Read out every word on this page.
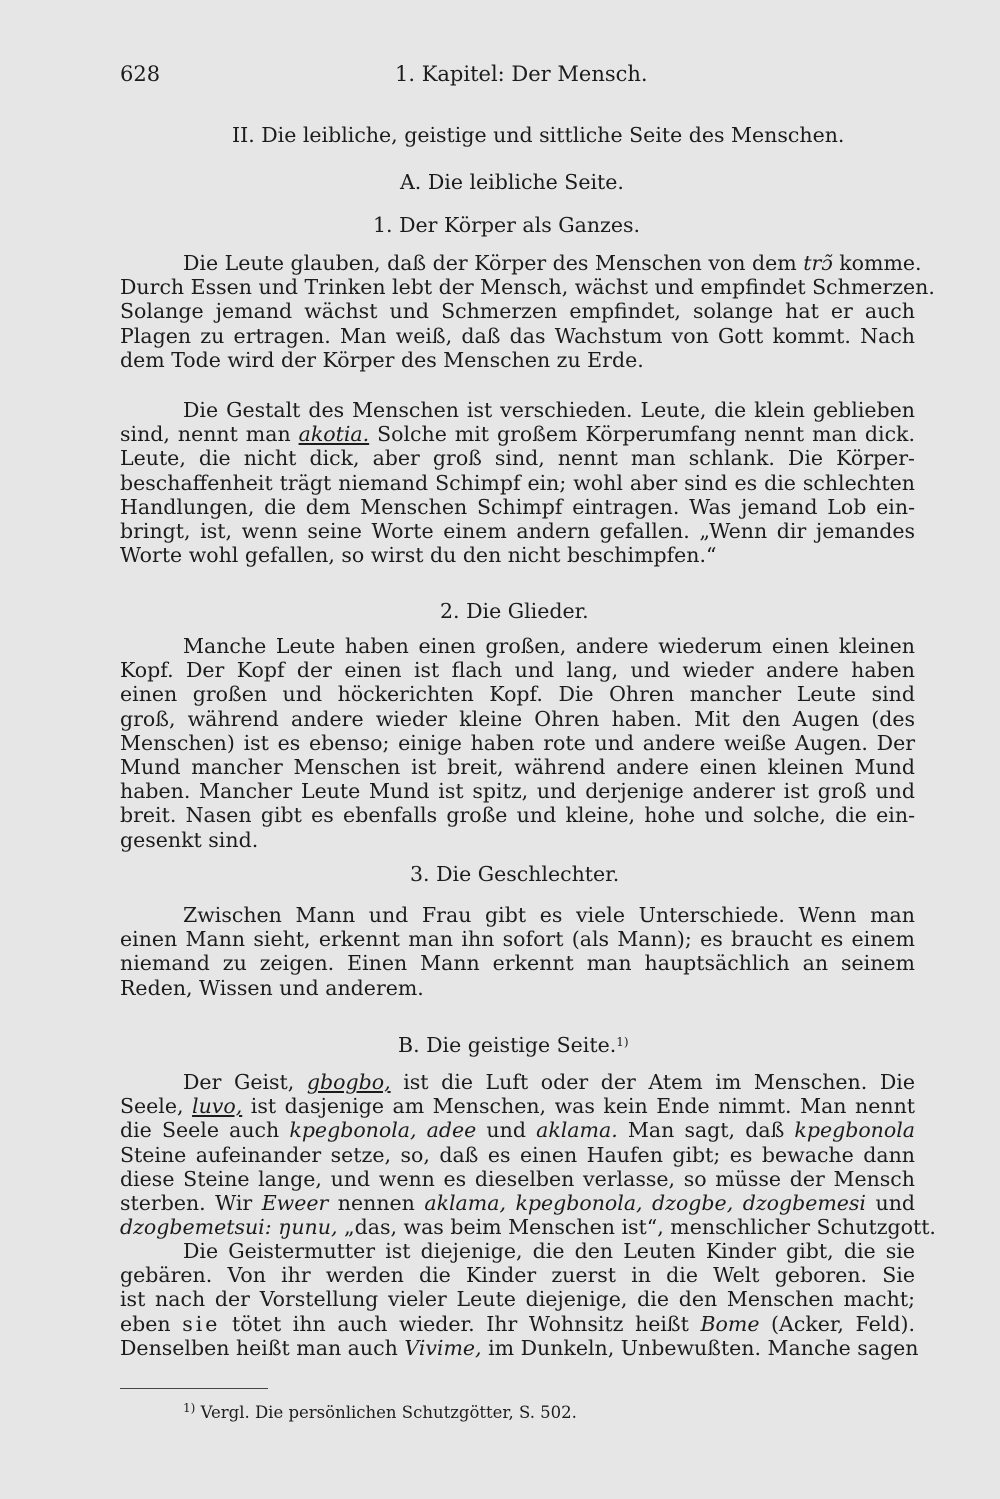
628	1. Kapitel: Der Mensch.
II. Die leibliche, geistige und sittliche Seite des Menschen.
A. Die leibliche Seite.
1. Der Körper als Ganzes.
Die Leute glauben, daß der Körper des Menschen von dem trɔ̃ komme.
Durch Essen und Trinken lebt der Mensch, wächst und empfindet Schmerzen.
Solange jemand wächst und Schmerzen empfindet, solange hat er auch
Plagen zu ertragen. Man weiß, daß das Wachstum von Gott kommt. Nach
dem Tode wird der Körper des Menschen zu Erde.
Die Gestalt des Menschen ist verschieden. Leute, die klein geblieben
sind, nennt man akotia. Solche mit großem Körperumfang nennt man dick.
Leute, die nicht dick, aber groß sind, nennt man schlank. Die Körper-
beschaffenheit trägt niemand Schimpf ein; wohl aber sind es die schlechten
Handlungen, die dem Menschen Schimpf eintragen. Was jemand Lob ein-
bringt, ist, wenn seine Worte einem andern gefallen. „Wenn dir jemandes
Worte wohl gefallen, so wirst du den nicht beschimpfen.“
2. Die Glieder.
Manche Leute haben einen großen, andere wiederum einen kleinen
Kopf. Der Kopf der einen ist flach und lang, und wieder andere haben
einen großen und höckerichten Kopf. Die Ohren mancher Leute sind
groß, während andere wieder kleine Ohren haben. Mit den Augen (des
Menschen) ist es ebenso; einige haben rote und andere weiße Augen. Der
Mund mancher Menschen ist breit, während andere einen kleinen Mund
haben. Mancher Leute Mund ist spitz, und derjenige anderer ist groß und
breit. Nasen gibt es ebenfalls große und kleine, hohe und solche, die ein-
gesenkt sind.
3. Die Geschlechter.
Zwischen Mann und Frau gibt es viele Unterschiede. Wenn man
einen Mann sieht, erkennt man ihn sofort (als Mann); es braucht es einem
niemand zu zeigen. Einen Mann erkennt man hauptsächlich an seinem
Reden, Wissen und anderem.
B. Die geistige Seite.$^{1)}$
Der Geist, gbogbo, ist die Luft oder der Atem im Menschen. Die
Seele, luvo, ist dasjenige am Menschen, was kein Ende nimmt. Man nennt
die Seele auch kpegbonola, adee und aklama. Man sagt, daß kpegbonola
Steine aufeinander setze, so, daß es einen Haufen gibt; es bewache dann
diese Steine lange, und wenn es dieselben verlasse, so müsse der Mensch
sterben. Wir Eweer nennen aklama, kpegbonola, dzogbe, dzogbemesi und
dzogbemetsui: ŋunu, „das, was beim Menschen ist“, menschlicher Schutzgott.
Die Geistermutter ist diejenige, die den Leuten Kinder gibt, die sie
gebären. Von ihr werden die Kinder zuerst in die Welt geboren. Sie
ist nach der Vorstellung vieler Leute diejenige, die den Menschen macht;
eben sie tötet ihn auch wieder. Ihr Wohnsitz heißt Bome (Acker, Feld).
Denselben heißt man auch Vivime, im Dunkeln, Unbewußten. Manche sagen
$^{1)}$ Vergl. Die persönlichen Schutzgötter, S. 502.
